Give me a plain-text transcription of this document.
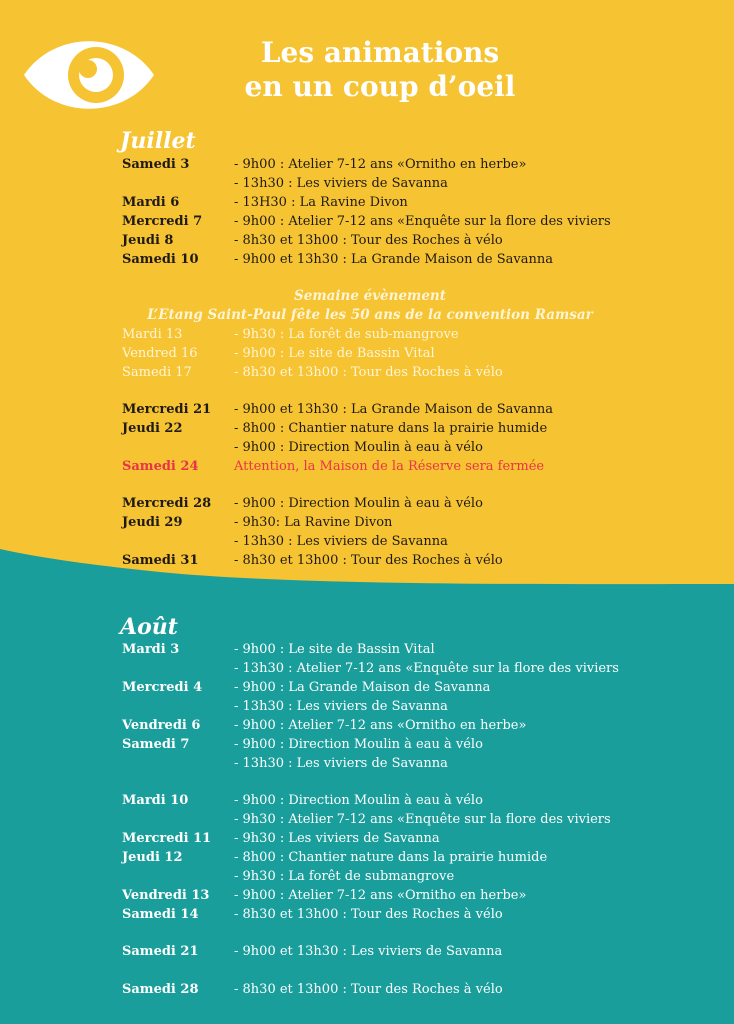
Les animations
en un coup d’oeil
Juillet
Samedi 3	- 9h00 : Atelier 7-12 ans «Ornitho en herbe»
- 13h30 : Les viviers de Savanna
Mardi 6	- 13H30 : La Ravine Divon
Mercredi 7 - 9h00 : Atelier 7-12 ans «Enquête sur la flore des viviers
Jeudi 8	- 8h30 et 13h00 : Tour des Roches à vélo
Samedi 10	- 9h00 et 13h30 : La Grande Maison de Savanna
Semaine évènement
L’Etang Saint-Paul fête les 50 ans de la convention Ramsar
Mardi 13	- 9h30 : La forêt de sub-mangrove
Vendred 16	- 9h00 : Le site de Bassin Vital
Samedi 17	- 8h30 et 13h00 : Tour des Roches à vélo
Mercredi 21 - 9h00 et 13h30 : La Grande Maison de Savanna
Jeudi 22	- 8h00 : Chantier nature dans la prairie humide
- 9h00 : Direction Moulin à eau à vélo
Samedi 24	Attention, la Maison de la Réserve sera fermée
Mercredi 28 - 9h00 : Direction Moulin à eau à vélo
Jeudi 29	- 9h30: La Ravine Divon
- 13h30 : Les viviers de Savanna
Samedi 31	- 8h30 et 13h00 : Tour des Roches à vélo
Août
Mardi 3	- 9h00 : Le site de Bassin Vital
- 13h30 : Atelier 7-12 ans «Enquête sur la flore des viviers
Mercredi 4 - 9h00 : La Grande Maison de Savanna
- 13h30 : Les viviers de Savanna
Vendredi 6	- 9h00 : Atelier 7-12 ans «Ornitho en herbe»
Samedi 7	- 9h00 : Direction Moulin à eau à vélo
- 13h30 : Les viviers de Savanna
Mardi 10	- 9h00 : Direction Moulin à eau à vélo
- 9h30 : Atelier 7-12 ans «Enquête sur la flore des viviers
Mercredi 11 - 9h30 : Les viviers de Savanna
Jeudi 12	- 8h00 : Chantier nature dans la prairie humide
- 9h30 : La forêt de submangrove
Vendredi 13 - 9h00 : Atelier 7-12 ans «Ornitho en herbe»
Samedi 14	- 8h30 et 13h00 : Tour des Roches à vélo
Samedi 21	- 9h00 et 13h30 : Les viviers de Savanna
Samedi 28	- 8h30 et 13h00 : Tour des Roches à vélo
